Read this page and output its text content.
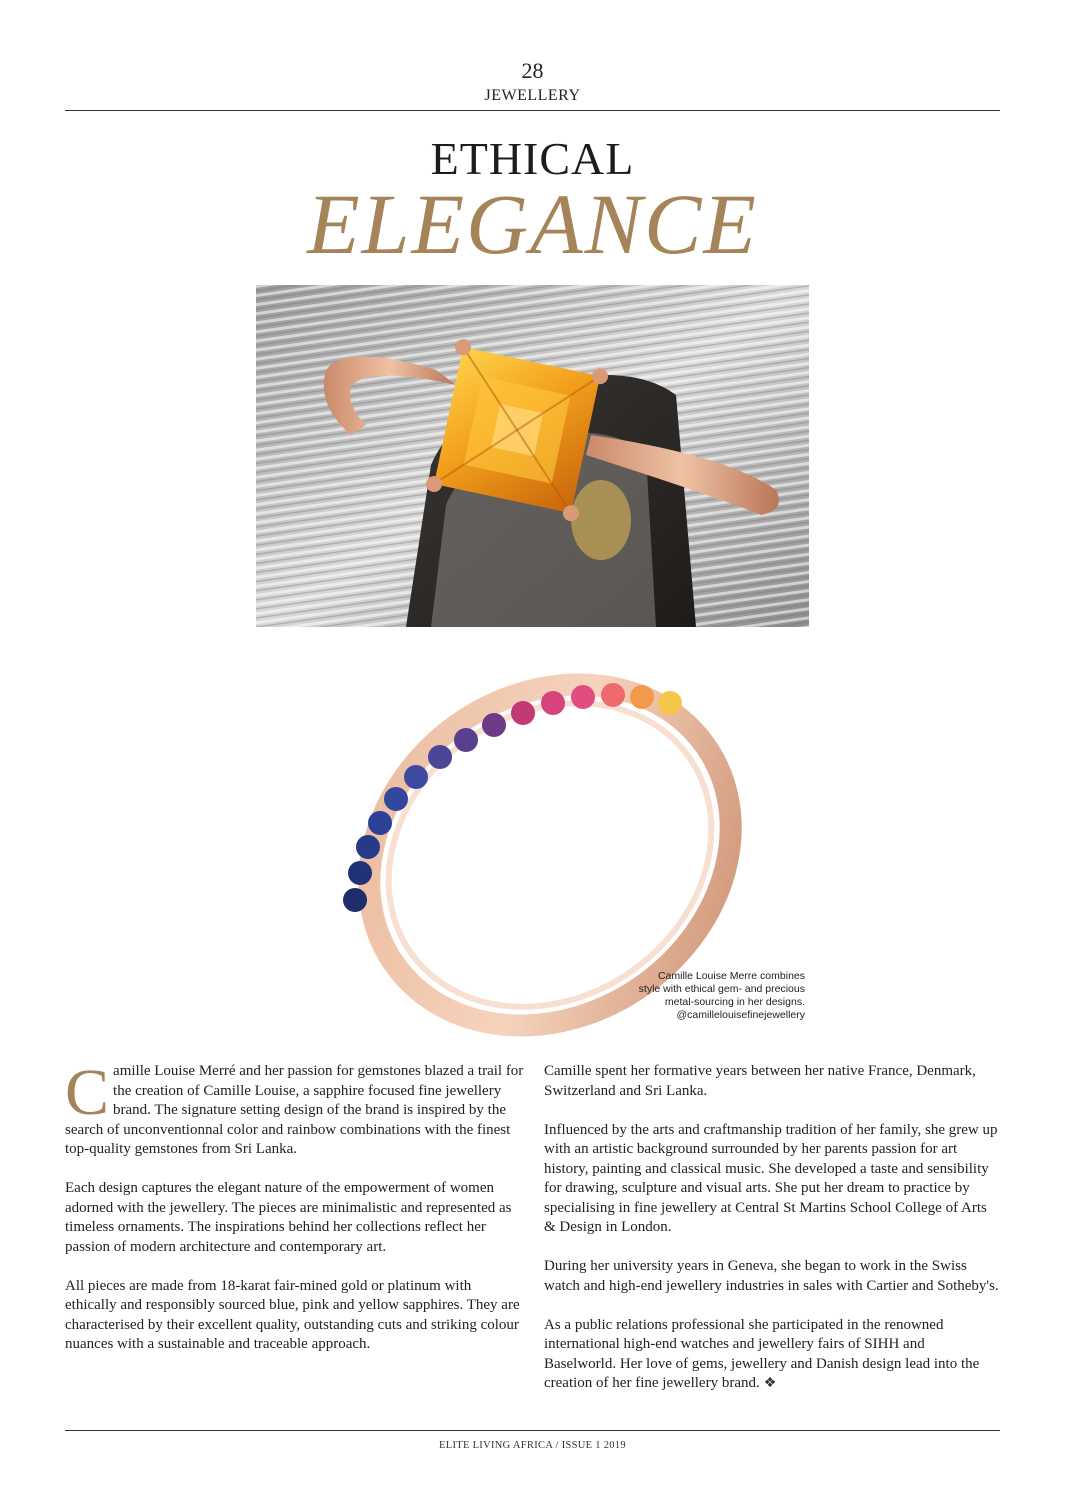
28
JEWELLERY
ETHICAL
ELEGANCE
Camille Louise Merre combines
style with ethical gem- and precious
metal-sourcing in her designs.
@camillelouisefinejewellery

Camille Louise Merré and her passion for gemstones blazed a trail for the creation of Camille Louise, a sapphire focused fine jewellery brand. The signature setting design of the brand is inspired by the search of unconventionnal color and rainbow combinations with the finest top-quality gemstones from Sri Lanka.

Each design captures the elegant nature of the empowerment of women adorned with the jewellery. The pieces are minimalistic and represented as timeless ornaments. The inspirations behind her collections reflect her passion of modern architecture and contemporary art.

All pieces are made from 18-karat fair-mined gold or platinum with ethically and responsibly sourced blue, pink and yellow sapphires. They are characterised by their excellent quality, outstanding cuts and striking colour nuances with a sustainable and traceable approach.

Camille spent her formative years between her native France, Denmark, Switzerland and Sri Lanka.

Influenced by the arts and craftmanship tradition of her family, she grew up with an artistic background surrounded by her parents passion for art history, painting and classical music. She developed a taste and sensibility for drawing, sculpture and visual arts. She put her dream to practice by specialising in fine jewellery at Central St Martins School College of Arts & Design in London.

During her university years in Geneva, she began to work in the Swiss watch and high-end jewellery industries in sales with Cartier and Sotheby's.

As a public relations professional she participated in the renowned international high-end watches and jewellery fairs of SIHH and Baselworld. Her love of gems, jewellery and Danish design lead into the creation of her fine jewellery brand. ❖

ELITE LIVING AFRICA / ISSUE 1 2019
